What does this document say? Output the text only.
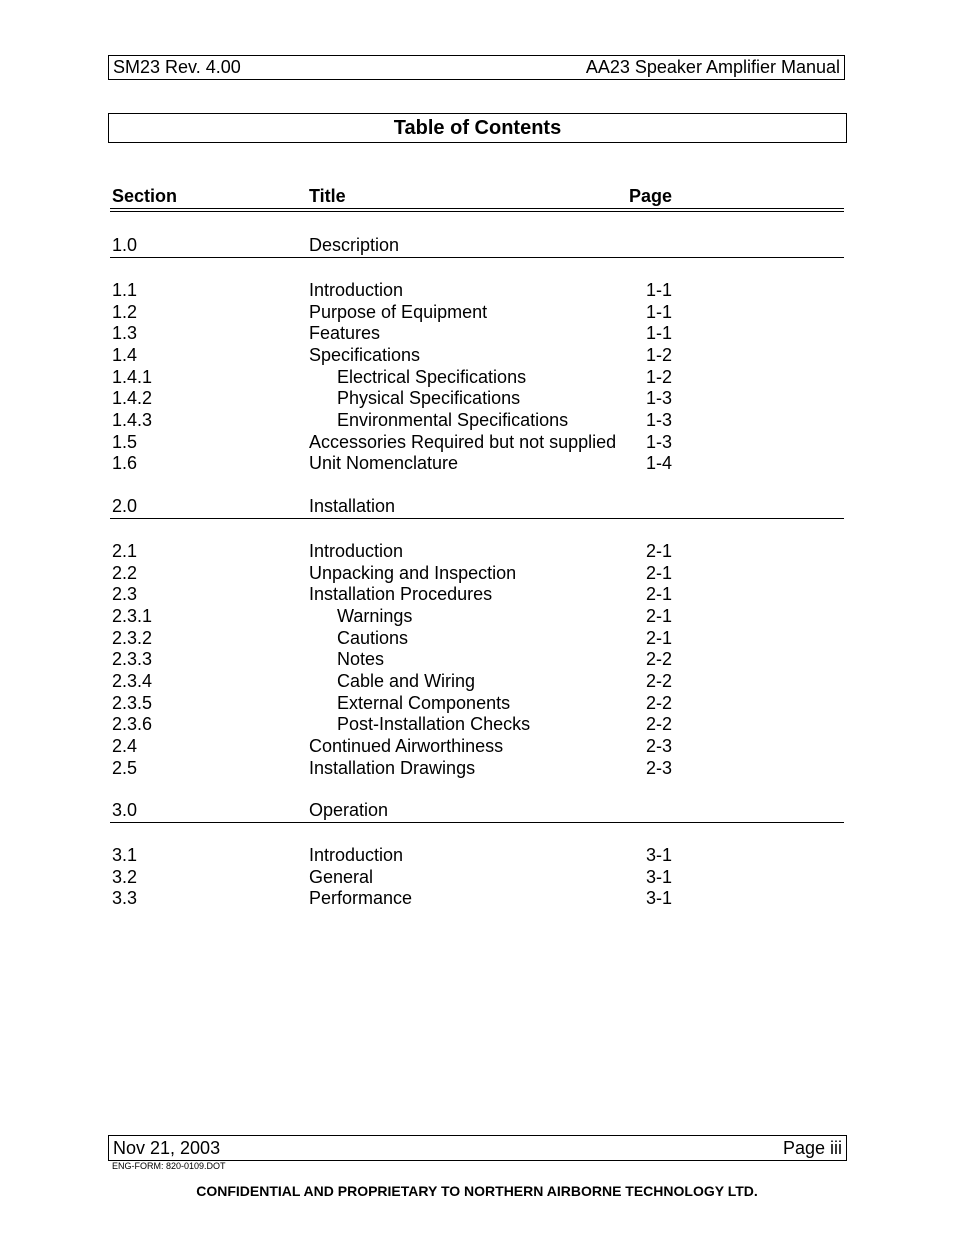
SM23 Rev. 4.00	AA23 Speaker Amplifier Manual
Table of Contents
Section	Title	Page
1.0	Description
1.1	Introduction	1-1
1.2	Purpose of Equipment	1-1
1.3	Features	1-1
1.4	Specifications	1-2
1.4.1	Electrical Specifications	1-2
1.4.2	Physical Specifications	1-3
1.4.3	Environmental Specifications	1-3
1.5	Accessories Required but not supplied 1-3
1.6	Unit Nomenclature	1-4
2.0	Installation
2.1	Introduction	2-1
2.2	Unpacking and Inspection	2-1
2.3	Installation Procedures	2-1
2.3.1	Warnings	2-1
2.3.2	Cautions	2-1
2.3.3	Notes	2-2
2.3.4	Cable and Wiring	2-2
2.3.5	External Components	2-2
2.3.6	Post-Installation Checks	2-2
2.4	Continued Airworthiness	2-3
2.5	Installation Drawings	2-3
3.0	Operation
3.1	Introduction	3-1
3.2	General	3-1
3.3	Performance	3-1
Nov 21, 2003	Page iii
ENG-FORM: 820-0109.DOT
CONFIDENTIAL AND PROPRIETARY TO NORTHERN AIRBORNE TECHNOLOGY LTD.
